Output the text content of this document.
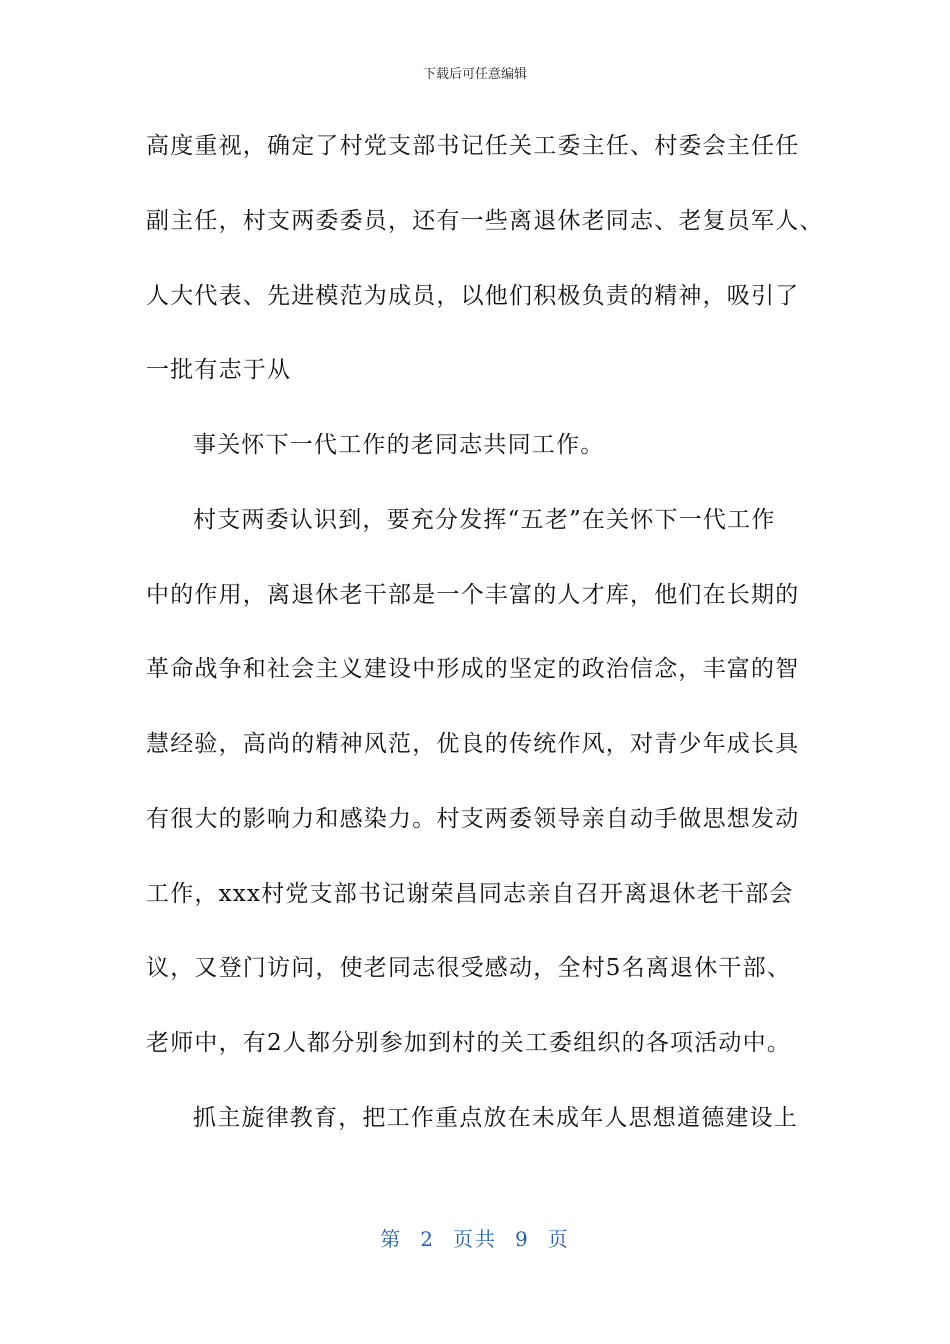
下载后可任意编辑
高度重视，确定了村党支部书记任关工委主任、村委会主任任
副主任，村支两委委员，还有一些离退休老同志、老复员军人、
人大代表、先进模范为成员，以他们积极负责的精神，吸引了
一批有志于从
事关怀下一代工作的老同志共同工作。
村支两委认识到，要充分发挥“五老”在关怀下一代工作
中的作用，离退休老干部是一个丰富的人才库，他们在长期的
革命战争和社会主义建设中形成的坚定的政治信念，丰富的智
慧经验，高尚的精神风范，优良的传统作风，对青少年成长具
有很大的影响力和感染力。村支两委领导亲自动手做思想发动
工作，xxx村党支部书记谢荣昌同志亲自召开离退休老干部会
议，又登门访问，使老同志很受感动，全村5名离退休干部、
老师中，有2人都分别参加到村的关工委组织的各项活动中。
抓主旋律教育，把工作重点放在未成年人思想道德建设上
第 2 页共 9 页
